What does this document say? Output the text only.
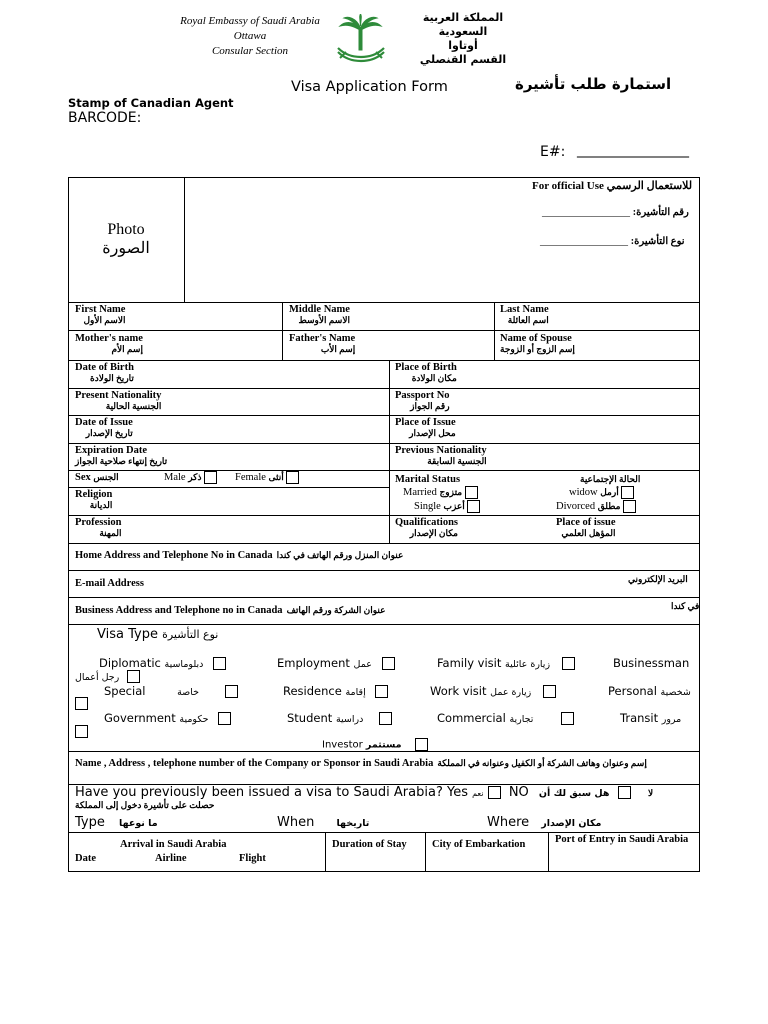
Royal Embassy of Saudi Arabia
Ottawa
Consular Section
المملكة العربية السعودية
أوتاوا
القسم القنصلي
Visa Application Form	استمارة طلب تأشيرة
Stamp of Canadian Agent
BARCODE:
E#: ________________
Photo
الصورة
For official Use للاستعمال الرسمي
________________ رقم التأشيرة:
________________ نوع التأشيرة:
First Name
الاسم الأول
Middle Name
الاسم الأوسط
Last Name
اسم العائلة
Mother's name
إسم الأم
Father's Name
إسم الأب
Name of Spouse
إسم الزوج أو الزوجة
Date of Birth
تاريخ الولادة
Place of Birth
مكان الولادة
Present Nationality
الجنسية الحالية
Passport No
رقم الجواز
Date of Issue
تاريخ الإصدار
Place of Issue
محل الإصدار
Expiration Date
تاريخ إنتهاء صلاحية الجواز
Previous Nationality
الجنسية السابقة
Sex الجنس	Male ذكر	Female أنثى
Religion
الديانة
Marital Status	الحالة الإجتماعية
Married متزوج
Single أعزب
widow أرمل
Divorced مطلق
Profession
المهنة
Qualifications
مكان الإصدار
Place of issue
المؤهل العلمي
Home Address and Telephone No in Canada عنوان المنزل ورقم الهاتف في كندا
E-mail Address	البريد الإلكتروني
Business Address and Telephone no in Canada عنوان الشركة ورقم الهاتف	في كندا
Visa Type نوع التأشيرة
Diplomatic دبلوماسية	Employment عمل	Family visit زيارة عائلية	Businessman
رجل أعمال
Special	خاصة	Residence إقامة	Work visit زيارة عمل	Personal شخصية
Government حكومية	Student دراسية	Commercial تجارية	Transit مرور
Investor مستثمر
Name , Address , telephone number of the Company or Sponsor in Saudi Arabia إسم وعنوان وهاتف الشركة أو الكفيل وعنوانه في المملكة
Have you previously been issued a visa to Saudi Arabia? Yes نعم NO هل سبق لك أن	لا
حصلت على تأشيرة دخول إلى المملكة
Type ما نوعها	When تاريخها	Where مكان الإصدار
Arrival in Saudi Arabia
Date	Airline	Flight
Duration of Stay City of Embarkation	Port of Entry in Saudi Arabia
